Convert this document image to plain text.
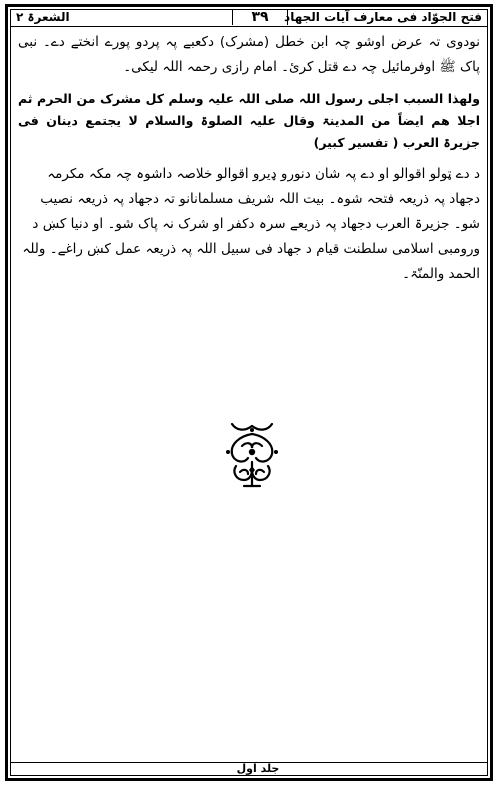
فتح الجوّاد فی معارف آیات الجهاد
۳۹
الشعرۃ ۲

نودوی تہ عرض اوشو چہ ابن خطل (مشرک) دکعبے پہ پردو پورے انختے دے۔ نبی پاک ﷺ اوفرمائیل چہ دے قتل کرئ۔ امام رازی رحمہ اللہ لیکی۔

ولھذا السبب اجلی رسول اللہ صلی اللہ علیہ وسلم کل مشرک من الحرم ثم اجلا ھم ایضاً من المدینۃ وقال علیہ الصلوۃ والسلام لا یجتمع دینان فی جزیرۃ العرب ( تفسیر کبیر)

د دے ټولو اقوالو او دے پہ شان دنورو ډیرو اقوالو خلاصہ داشوہ چہ مکہ مکرمہ دجهاد پہ ذریعہ فتحہ شوہ۔ بیت اللہ شریف مسلمانانو تہ دجهاد پہ ذریعہ نصیب شو۔ جزیرۃ العرب دجهاد پہ ذریعے سرہ دکفر او شرک نہ پاک شو۔ او دنیا کښ د ورومبی اسلامی سلطنت قیام د جهاد فی سبیل اللہ پہ ذریعہ عمل کښ راغے۔ وللہ الحمد والمنّۃ۔

جلد اول
